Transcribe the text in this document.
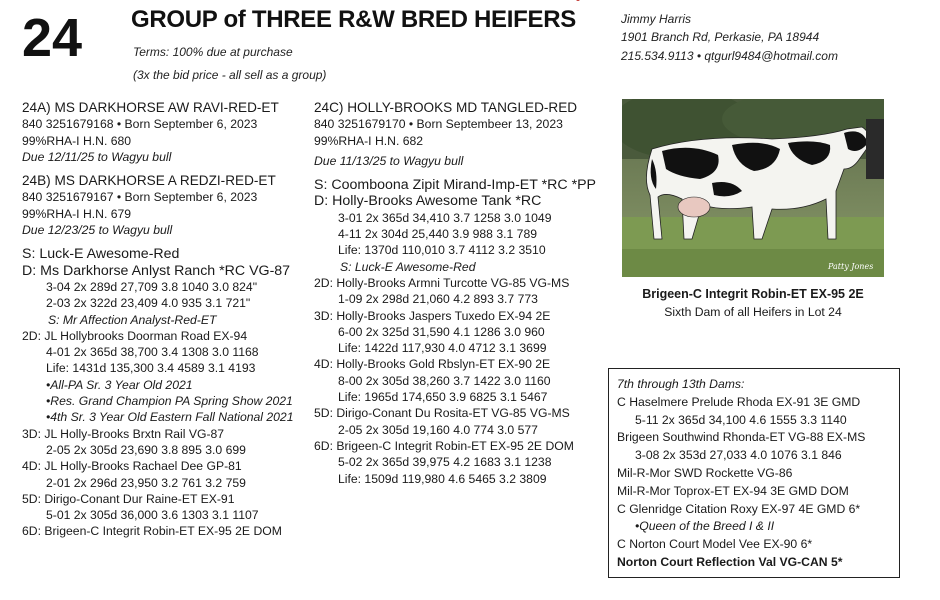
24 GROUP of THREE R&W BRED HEIFERS
Terms: 100% due at purchase
(3x the bid price - all sell as a group)
Jimmy Harris
1901 Branch Rd, Perkasie, PA 18944
215.534.9113 • qtgurl9484@hotmail.com
24A) MS DARKHORSE AW RAVI-RED-ET
840 3251679168 • Born September 6, 2023
99%RHA-I H.N. 680
Due 12/11/25 to Wagyu bull
24B) MS DARKHORSE A REDZI-RED-ET
840 3251679167 • Born September 6, 2023
99%RHA-I H.N. 679
Due 12/23/25 to Wagyu bull
S: Luck-E Awesome-Red
D: Ms Darkhorse Anlyst Ranch *RC VG-87
3-04 2x 289d 27,709 3.8 1040 3.0 824"
2-03 2x 322d 23,409 4.0 935 3.1 721"
S: Mr Affection Analyst-Red-ET
2D: JL Hollybrooks Doorman Road EX-94
4-01 2x 365d 38,700 3.4 1308 3.0 1168
Life: 1431d 135,300 3.4 4589 3.1 4193
•All-PA Sr. 3 Year Old 2021
•Res. Grand Champion PA Spring Show 2021
•4th Sr. 3 Year Old Eastern Fall National 2021
3D: JL Holly-Brooks Brxtn Rail VG-87
2-05 2x 305d 23,690 3.8 895 3.0 699
4D: JL Holly-Brooks Rachael Dee GP-81
2-01 2x 296d 23,950 3.2 761 3.2 759
5D: Dirigo-Conant Dur Raine-ET EX-91
5-01 2x 305d 36,000 3.6 1303 3.1 1107
6D: Brigeen-C Integrit Robin-ET EX-95 2E DOM
24C) HOLLY-BROOKS MD TANGLED-RED
840 3251679170 • Born Septembeer 13, 2023
99%RHA-I H.N. 682
Due 11/13/25 to Wagyu bull
S: Coomboona Zipit Mirand-Imp-ET *RC *PP
D: Holly-Brooks Awesome Tank *RC
3-01 2x 365d 34,410 3.7 1258 3.0 1049
4-11 2x 304d 25,440 3.9 988 3.1 789
Life: 1370d 110,010 3.7 4112 3.2 3510
S: Luck-E Awesome-Red
2D: Holly-Brooks Armni Turcotte VG-85 VG-MS
1-09 2x 298d 21,060 4.2 893 3.7 773
3D: Holly-Brooks Jaspers Tuxedo EX-94 2E
6-00 2x 325d 31,590 4.1 1286 3.0 960
Life: 1422d 117,930 4.0 4712 3.1 3699
4D: Holly-Brooks Gold Rbslyn-ET EX-90 2E
8-00 2x 305d 38,260 3.7 1422 3.0 1160
Life: 1965d 174,650 3.9 6825 3.1 5467
5D: Dirigo-Conant Du Rosita-ET VG-85 VG-MS
2-05 2x 305d 19,160 4.0 774 3.0 577
6D: Brigeen-C Integrit Robin-ET EX-95 2E DOM
5-02 2x 365d 39,975 4.2 1683 3.1 1238
Life: 1509d 119,980 4.6 5465 3.2 3809
Patty Jones
Brigeen-C Integrit Robin-ET EX-95 2E
Sixth Dam of all Heifers in Lot 24
7th through 13th Dams:
C Haselmere Prelude Rhoda EX-91 3E GMD
5-11 2x 365d 34,100 4.6 1555 3.3 1140
Brigeen Southwind Rhonda-ET VG-88 EX-MS
3-08 2x 353d 27,033 4.0 1076 3.1 846
Mil-R-Mor SWD Rockette VG-86
Mil-R-Mor Toprox-ET EX-94 3E GMD DOM
C Glenridge Citation Roxy EX-97 4E GMD 6*
•Queen of the Breed I & II
C Norton Court Model Vee EX-90 6*
Norton Court Reflection Val VG-CAN 5*
